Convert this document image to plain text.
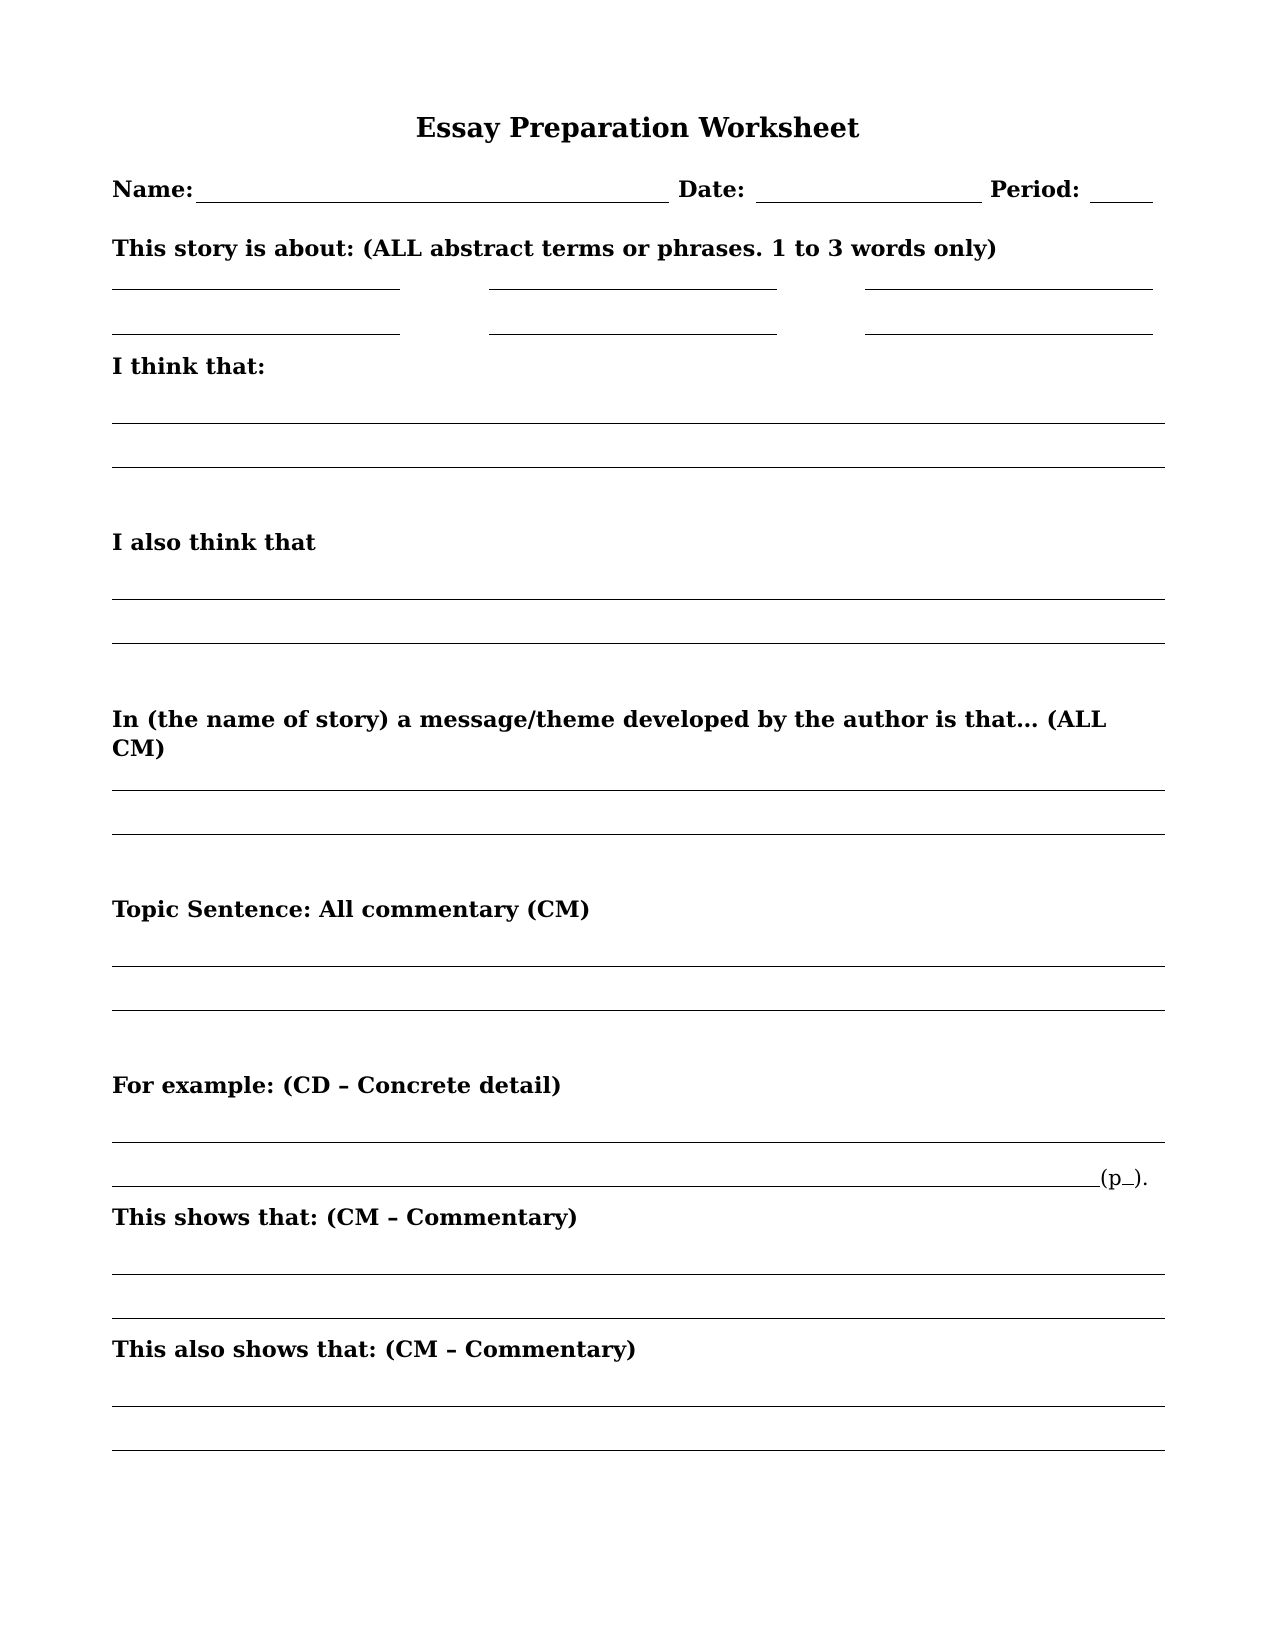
Essay Preparation Worksheet
Name:	Date:	Period:
This story is about: (ALL abstract terms or phrases. 1 to 3 words only)
I think that:
I also think that
In (the name of story) a message/theme developed by the author is that… (ALL CM)
Topic Sentence: All commentary (CM)
For example: (CD – Concrete detail)
(p ).
This shows that: (CM – Commentary)
This also shows that: (CM – Commentary)
